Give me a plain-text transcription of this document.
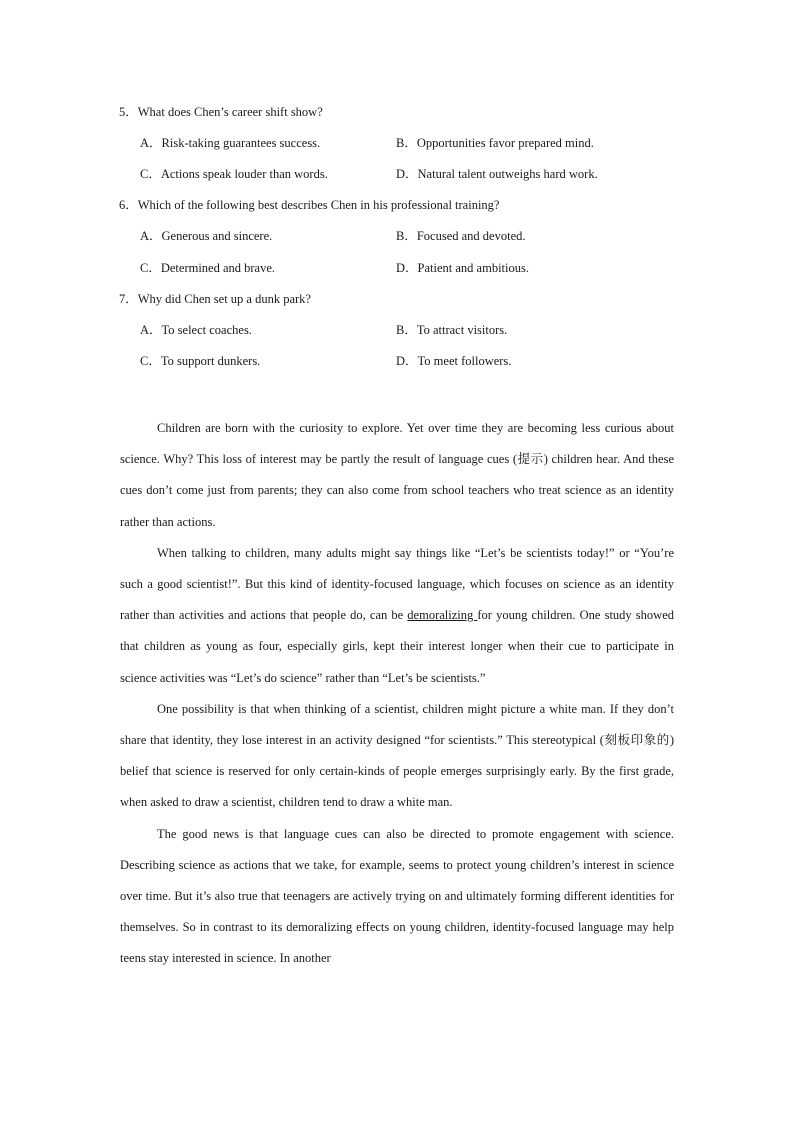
5．What does Chen’s career shift show?
A．Risk-taking guarantees success.	B．Opportunities favor prepared mind.
C．Actions speak louder than words.	D．Natural talent outweighs hard work.
6．Which of the following best describes Chen in his professional training?
A．Generous and sincere.	B．Focused and devoted.
C．Determined and brave.	D．Patient and ambitious.
7．Why did Chen set up a dunk park?
A．To select coaches.	B．To attract visitors.
C．To support dunkers.	D．To meet followers.

Children are born with the curiosity to explore. Yet over time they are becoming less curious about science. Why? This loss of interest may be partly the result of language cues (提示) children hear. And these cues don’t come just from parents; they can also come from school teachers who treat science as an identity rather than actions.

When talking to children, many adults might say things like “Let’s be scientists today!” or “You’re such a good scientist!”. But this kind of identity-focused language, which focuses on science as an identity rather than activities and actions that people do, can be demoralizing for young children. One study showed that children as young as four, especially girls, kept their interest longer when their cue to participate in science activities was “Let’s do science” rather than “Let’s be scientists.”

One possibility is that when thinking of a scientist, children might picture a white man. If they don’t share that identity, they lose interest in an activity designed “for scientists.” This stereotypical (刻板印象的) belief that science is reserved for only certain-kinds of people emerges surprisingly early. By the first grade, when asked to draw a scientist, children tend to draw a white man.

The good news is that language cues can also be directed to promote engagement with science. Describing science as actions that we take, for example, seems to protect young children’s interest in science over time. But it’s also true that teenagers are actively trying on and ultimately forming different identities for themselves. So in contrast to its demoralizing effects on young children, identity-focused language may help teens stay interested in science. In another
